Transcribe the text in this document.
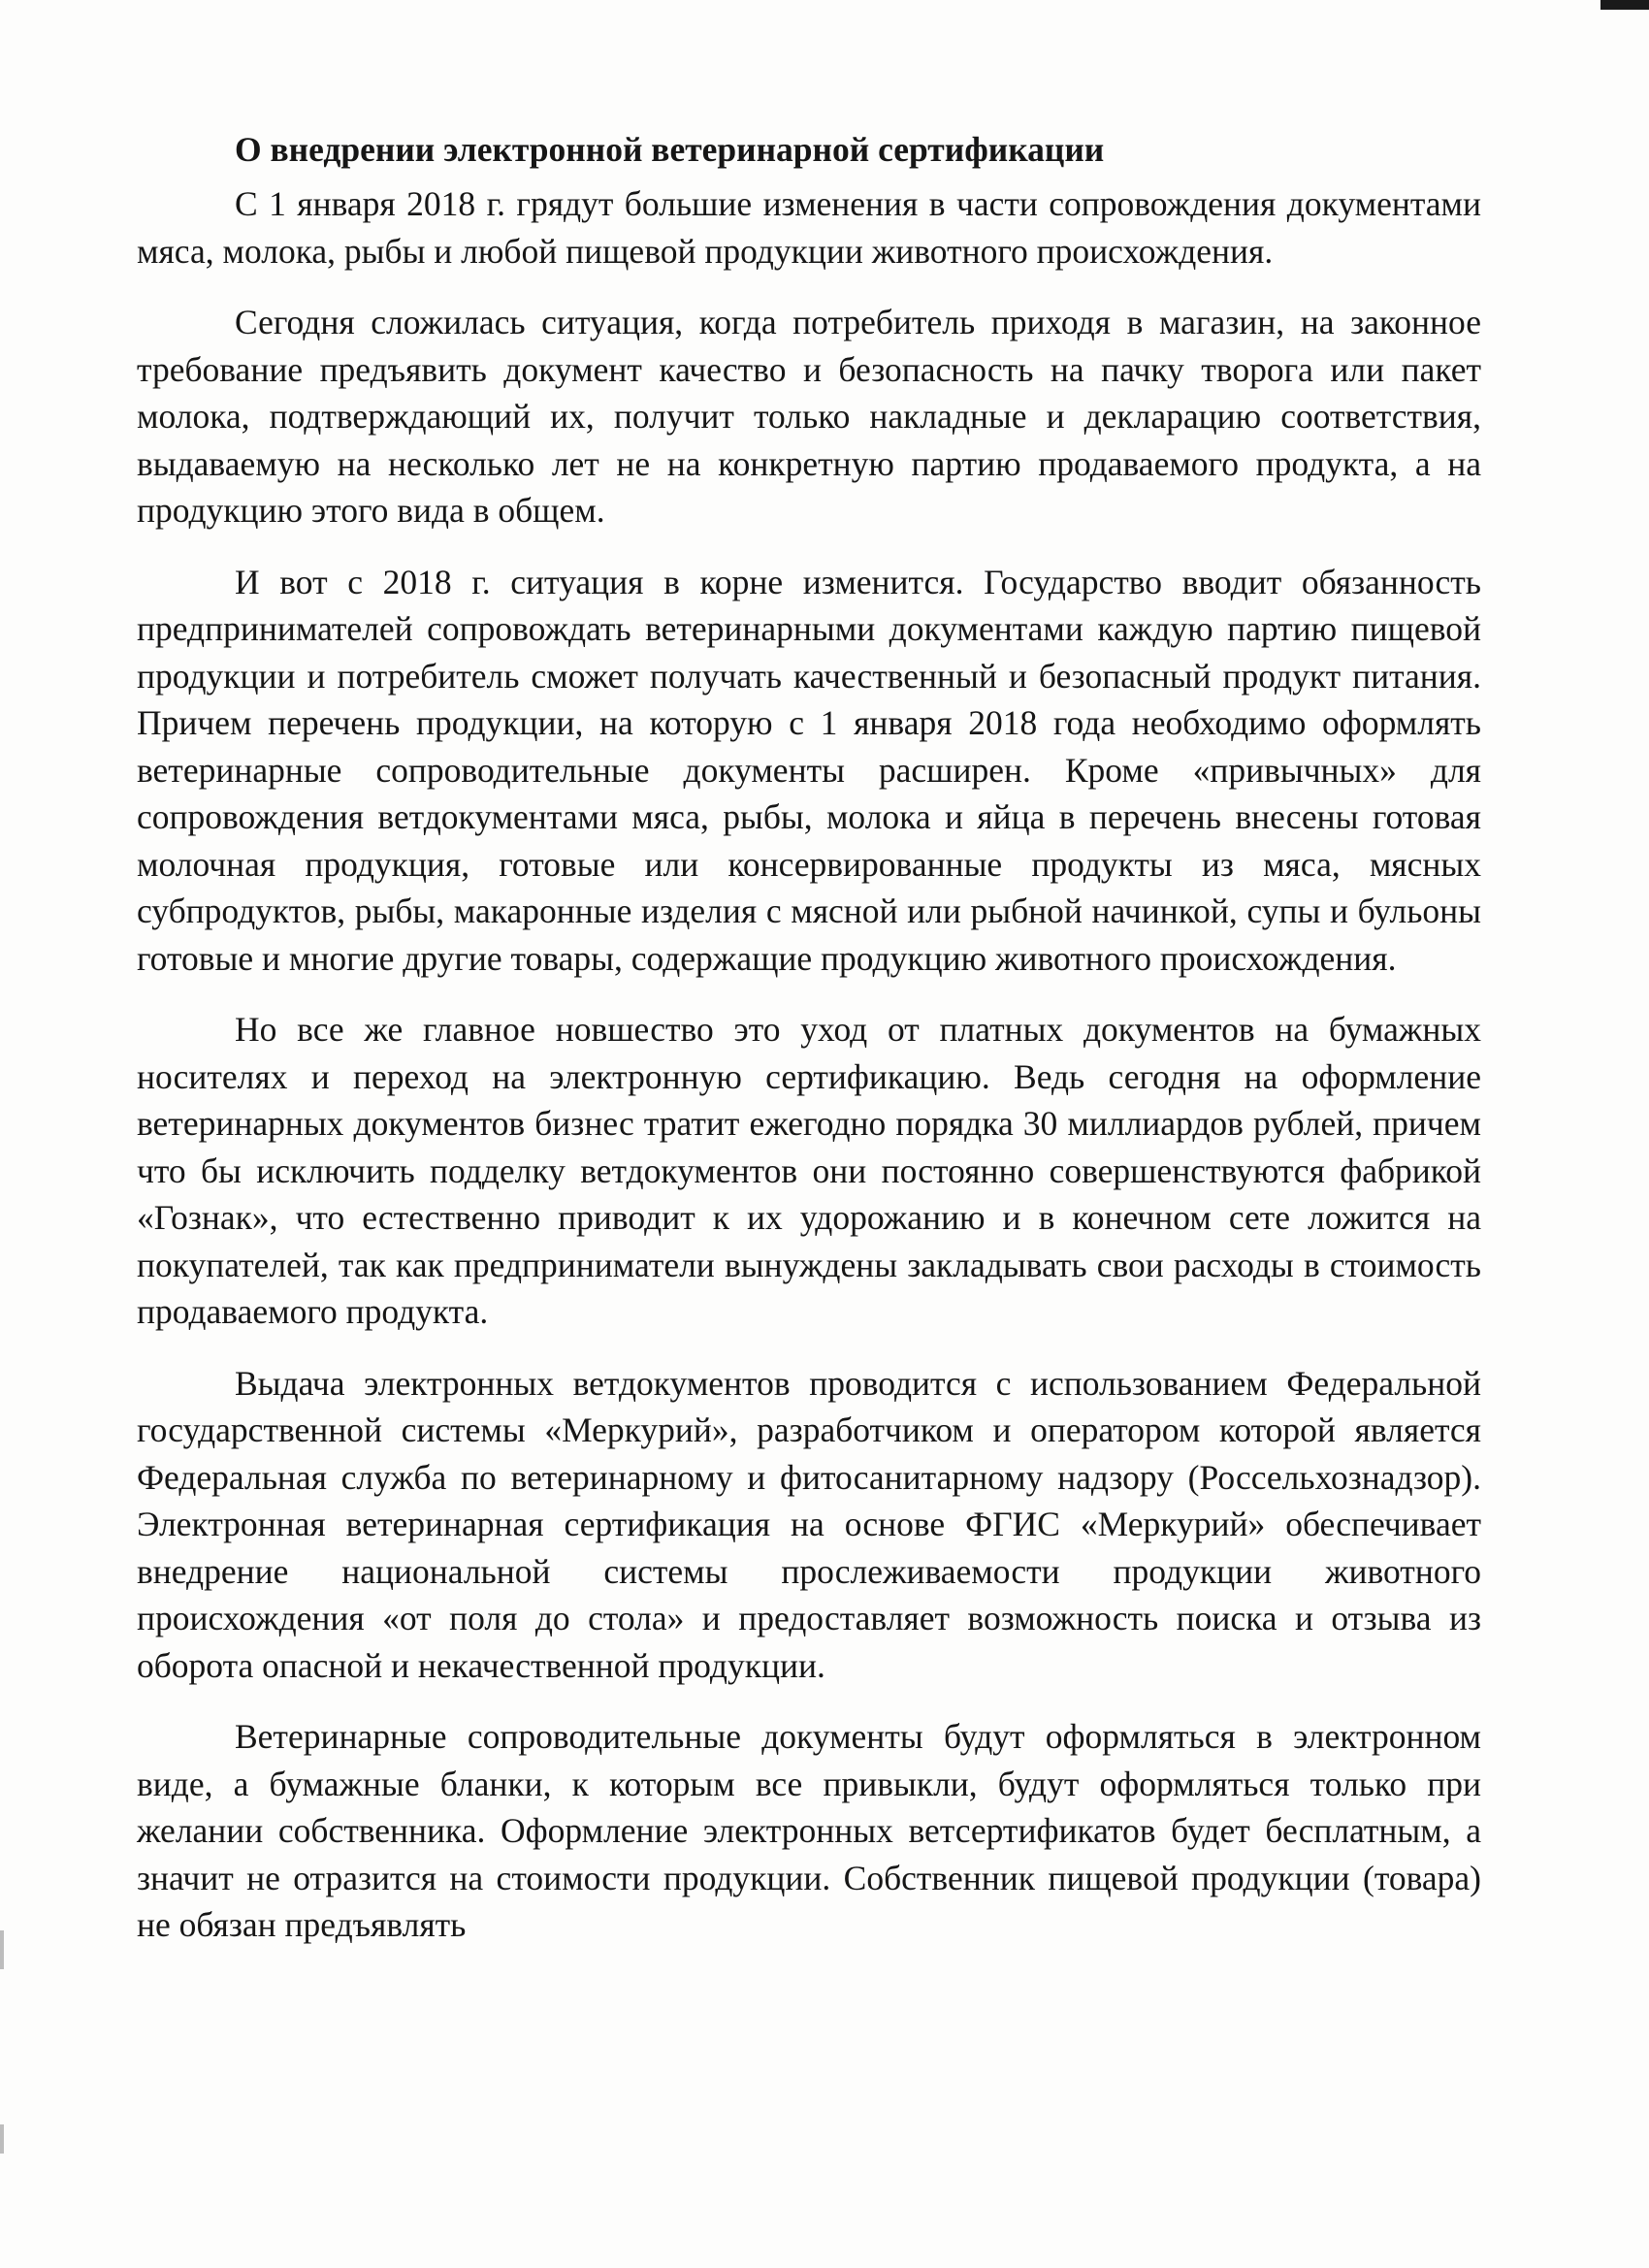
О внедрении электронной ветеринарной сертификации

С 1 января 2018 г. грядут большие изменения в части сопровождения документами мяса, молока, рыбы и любой пищевой продукции животного происхождения.

Сегодня сложилась ситуация, когда потребитель приходя в магазин, на законное требование предъявить документ качество и безопасность на пачку творога или пакет молока, подтверждающий их, получит только накладные и декларацию соответствия, выдаваемую на несколько лет не на конкретную партию продаваемого продукта, а на продукцию этого вида в общем.

И вот с 2018 г. ситуация в корне изменится. Государство вводит обязанность предпринимателей сопровождать ветеринарными документами каждую партию пищевой продукции и потребитель сможет получать качественный и безопасный продукт питания. Причем перечень продукции, на которую с 1 января 2018 года необходимо оформлять ветеринарные сопроводительные документы расширен. Кроме «привычных» для сопровождения ветдокументами мяса, рыбы, молока и яйца в перечень внесены готовая молочная продукция, готовые или консервированные продукты из мяса, мясных субпродуктов, рыбы, макаронные изделия с мясной или рыбной начинкой, супы и бульоны готовые и многие другие товары, содержащие продукцию животного происхождения.

Но все же главное новшество это уход от платных документов на бумажных носителях и переход на электронную сертификацию. Ведь сегодня на оформление ветеринарных документов бизнес тратит ежегодно порядка 30 миллиардов рублей, причем что бы исключить подделку ветдокументов они постоянно совершенствуются фабрикой «Гознак», что естественно приводит к их удорожанию и в конечном сете ложится на покупателей, так как предприниматели вынуждены закладывать свои расходы в стоимость продаваемого продукта.

Выдача электронных ветдокументов проводится с использованием Федеральной государственной системы «Меркурий», разработчиком и оператором которой является Федеральная служба по ветеринарному и фитосанитарному надзору (Россельхознадзор). Электронная ветеринарная сертификация на основе ФГИС «Меркурий» обеспечивает внедрение национальной системы прослеживаемости продукции животного происхождения «от поля до стола» и предоставляет возможность поиска и отзыва из оборота опасной и некачественной продукции.

Ветеринарные сопроводительные документы будут оформляться в электронном виде, а бумажные бланки, к которым все привыкли, будут оформляться только при желании собственника. Оформление электронных ветсертификатов будет бесплатным, а значит не отразится на стоимости продукции. Собственник пищевой продукции (товара) не обязан предъявлять
